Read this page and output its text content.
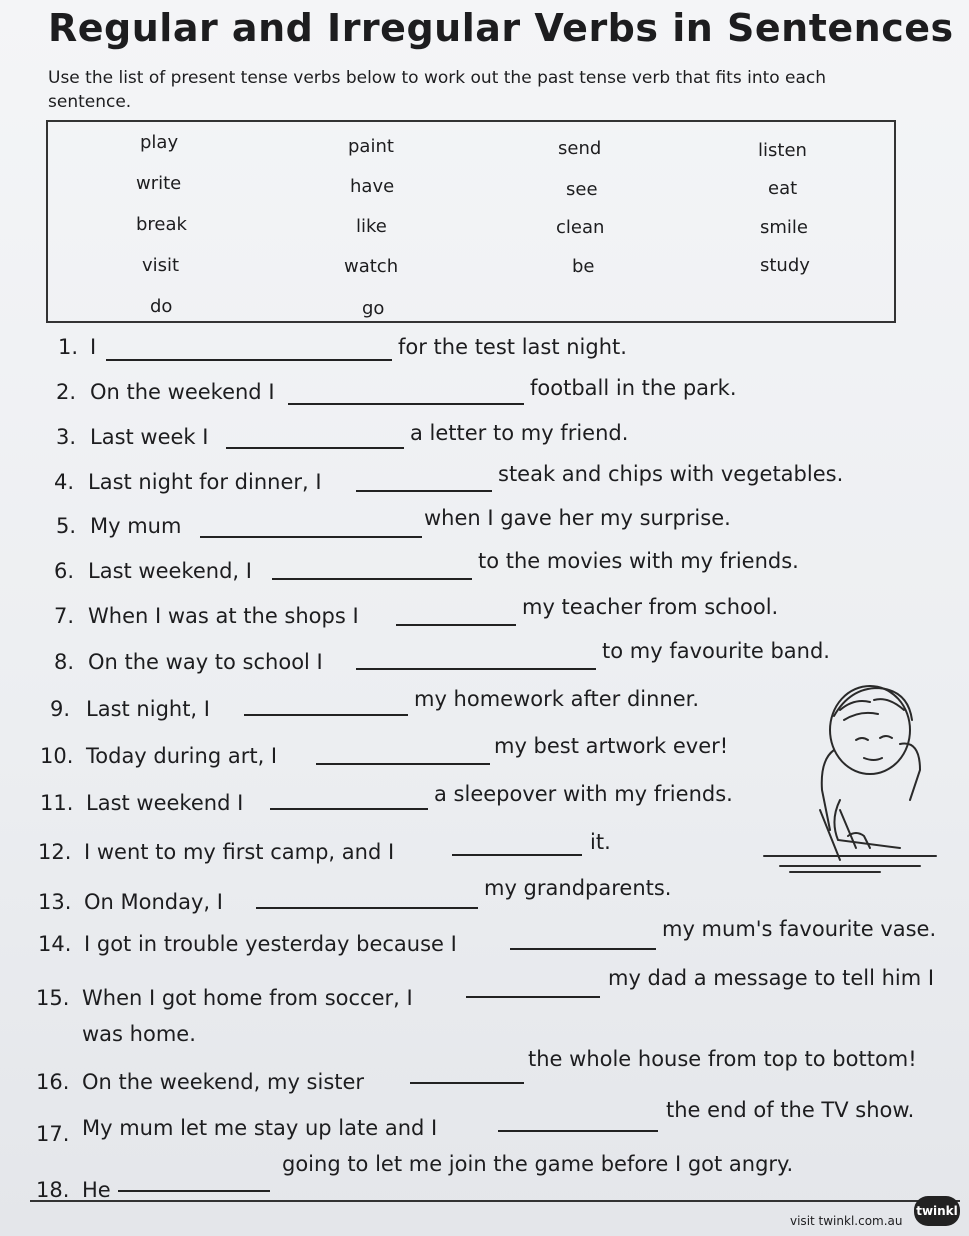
Regular and Irregular Verbs in Sentences
Use the list of present tense verbs below to work out the past tense verb that fits into each sentence.
play	paint	send	listen
write	have	see	eat
break	like	clean	smile
visit	watch	be	study
do	go
1. I	for the test last night.
2. On the weekend I	football in the park.
3. Last week I	a letter to my friend.
4. Last night for dinner, I	steak and chips with vegetables.
5. My mum	when I gave her my surprise.
6. Last weekend, I	to the movies with my friends.
7. When I was at the shops I	my teacher from school.
8. On the way to school I	to my favourite band.
9. Last night, I	my homework after dinner.
10. Today during art, I	my best artwork ever!
11. Last weekend I	a sleepover with my friends.
12. I went to my first camp, and I	it.
13. On Monday, I
my grandparents.
14. I got in trouble yesterday because I
my mum's favourite vase.
15. When I got home from soccer, I
my dad a message to tell him I
was home.
16. On the weekend, my sister
the whole house from top to bottom!
17. My mum let me stay up late and I
the end of the TV show.
18. He
going to let me join the game before I got angry.
visit twinkl.com.au
twinkl
